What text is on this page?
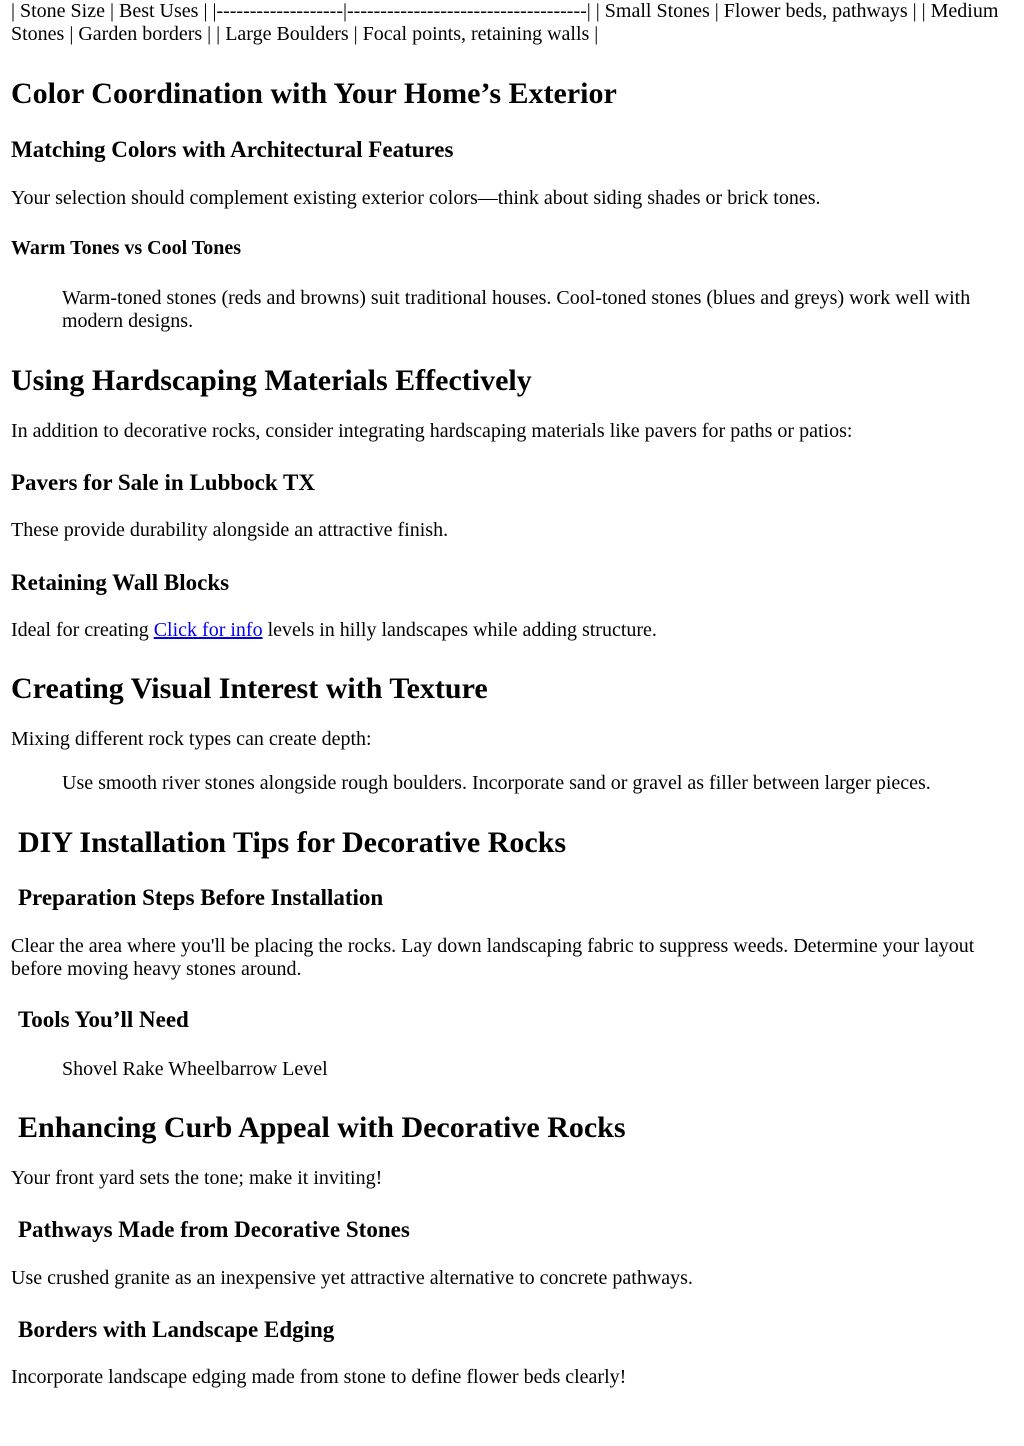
| Stone Size | Best Uses | |-------------------|------------------------------------| | Small Stones | Flower beds, pathways | | Medium Stones | Garden borders | | Large Boulders | Focal points, retaining walls |

Color Coordination with Your Home’s Exterior
Matching Colors with Architectural Features

Your selection should complement existing exterior colors—think about siding shades or brick tones.

Warm Tones vs Cool Tones
Warm-toned stones (reds and browns) suit traditional houses. Cool-toned stones (blues and greys) work well with modern designs.
Using Hardscaping Materials Effectively

In addition to decorative rocks, consider integrating hardscaping materials like pavers for paths or patios:

Pavers for Sale in Lubbock TX

These provide durability alongside an attractive finish.

Retaining Wall Blocks

Ideal for creating Click for info levels in hilly landscapes while adding structure.

Creating Visual Interest with Texture

Mixing different rock types can create depth:

Use smooth river stones alongside rough boulders. Incorporate sand or gravel as filler between larger pieces.
DIY Installation Tips for Decorative Rocks
Preparation Steps Before Installation

Clear the area where you'll be placing the rocks. Lay down landscaping fabric to suppress weeds. Determine your layout before moving heavy stones around.

Tools You’ll Need
Shovel Rake Wheelbarrow Level
Enhancing Curb Appeal with Decorative Rocks

Your front yard sets the tone; make it inviting!

Pathways Made from Decorative Stones

Use crushed granite as an inexpensive yet attractive alternative to concrete pathways.

Borders with Landscape Edging

Incorporate landscape edging made from stone to define flower beds clearly!
